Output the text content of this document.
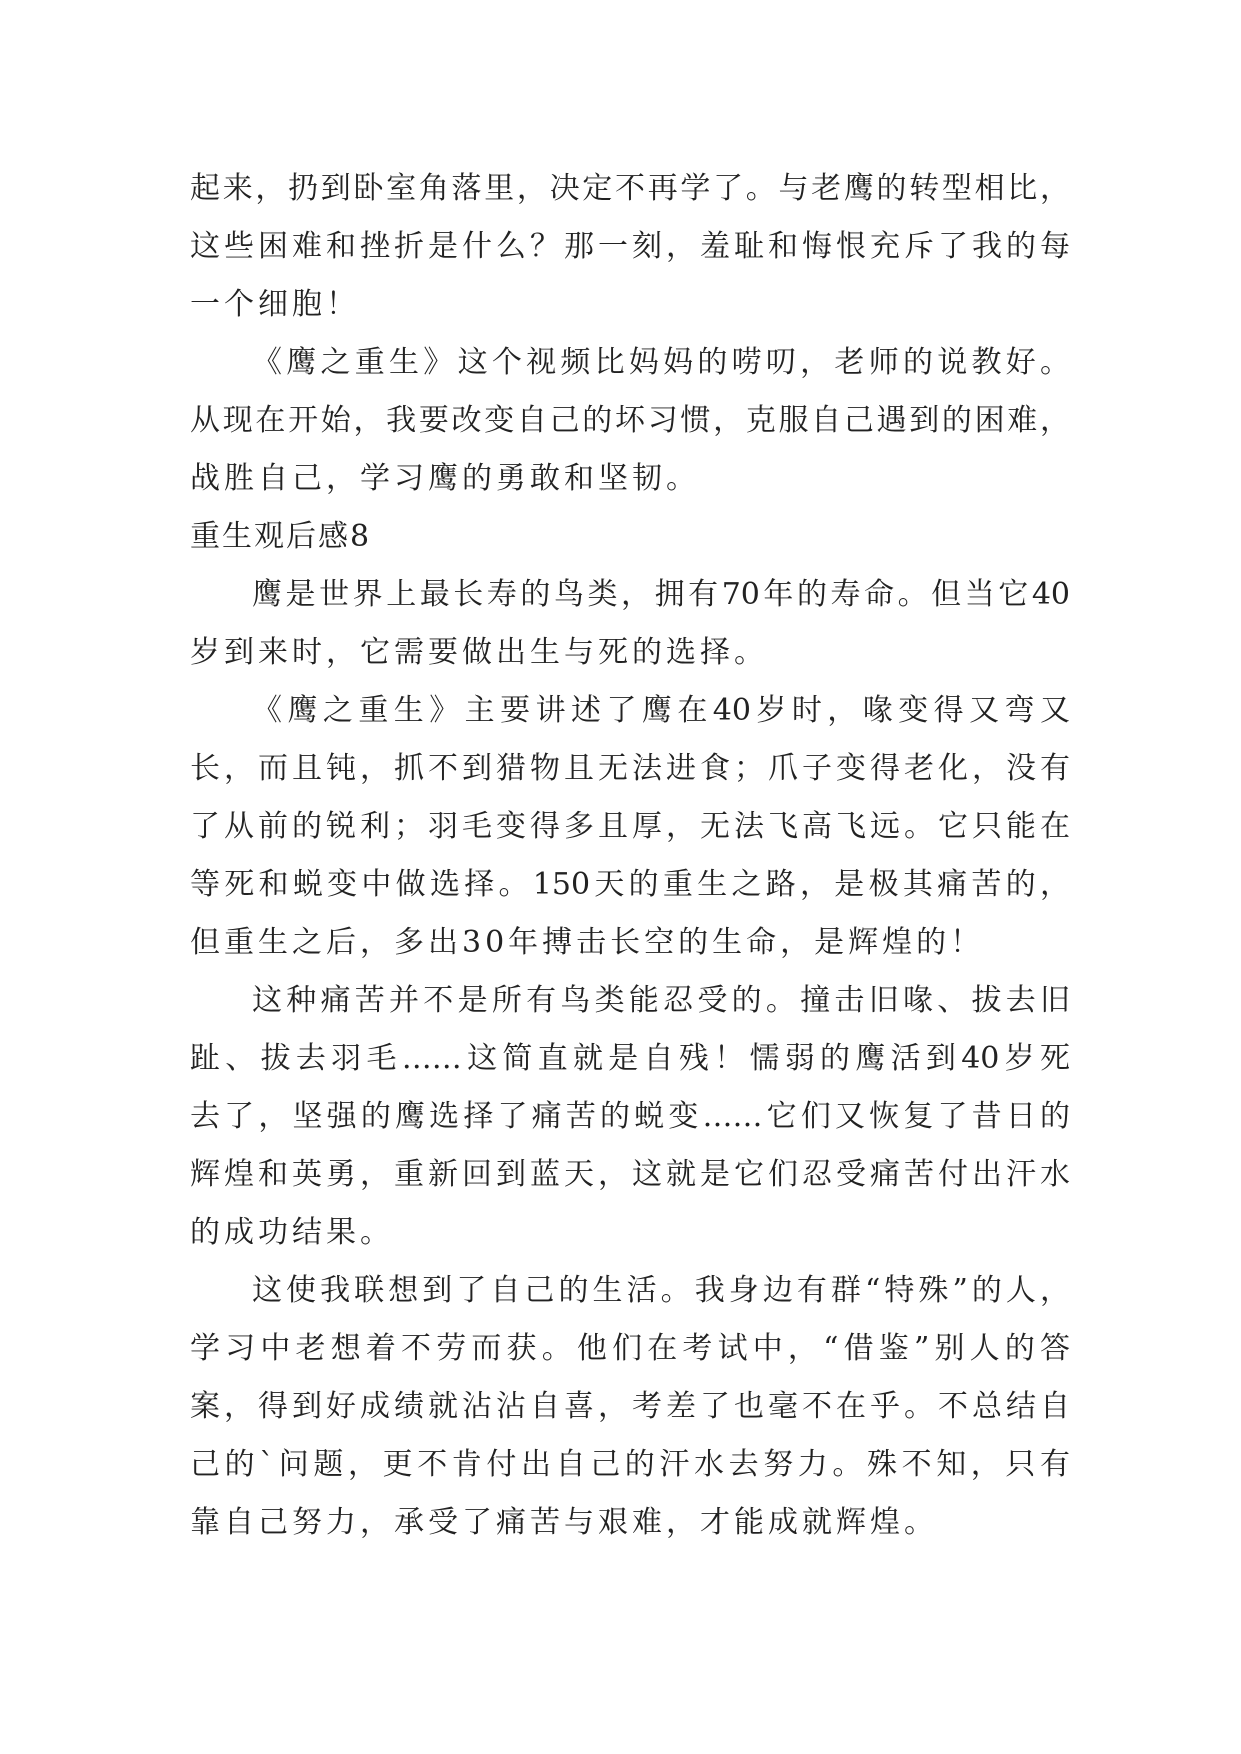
起来，扔到卧室角落里，决定不再学了。与老鹰的转型相比，
这些困难和挫折是什么？那一刻，羞耻和悔恨充斥了我的每
一个细胞！
《鹰之重生》这个视频比妈妈的唠叨，老师的说教好。
从现在开始，我要改变自己的坏习惯，克服自己遇到的困难，
战胜自己，学习鹰的勇敢和坚韧。
重生观后感8
鹰是世界上最长寿的鸟类，拥有70年的寿命。但当它40
岁到来时，它需要做出生与死的选择。
《鹰之重生》主要讲述了鹰在40岁时，喙变得又弯又
长，而且钝，抓不到猎物且无法进食；爪子变得老化，没有
了从前的锐利；羽毛变得多且厚，无法飞高飞远。它只能在
等死和蜕变中做选择。150天的重生之路，是极其痛苦的，
但重生之后，多出30年搏击长空的生命，是辉煌的！
这种痛苦并不是所有鸟类能忍受的。撞击旧喙、拔去旧
趾、拔去羽毛……这简直就是自残！懦弱的鹰活到40岁死
去了，坚强的鹰选择了痛苦的蜕变……它们又恢复了昔日的
辉煌和英勇，重新回到蓝天，这就是它们忍受痛苦付出汗水
的成功结果。
这使我联想到了自己的生活。我身边有群“特殊”的人，
学习中老想着不劳而获。他们在考试中，“借鉴”别人的答
案，得到好成绩就沾沾自喜，考差了也毫不在乎。不总结自
己的`问题，更不肯付出自己的汗水去努力。殊不知，只有
靠自己努力，承受了痛苦与艰难，才能成就辉煌。
